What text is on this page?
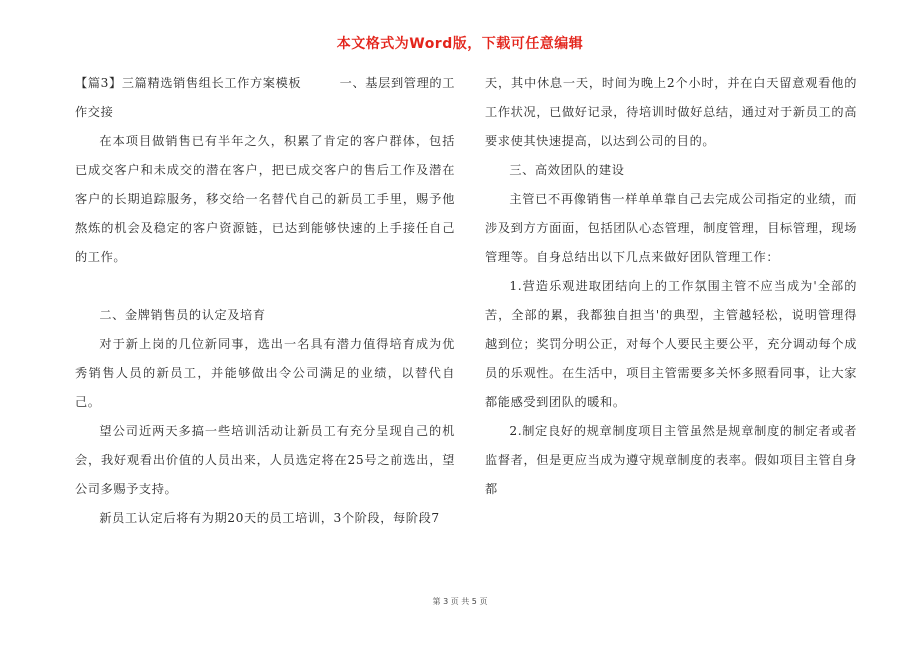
本文格式为Word版，下载可任意编辑

【篇3】三篇精选销售组长工作方案模板　　　一、基层到管理的工作交接

在本项目做销售已有半年之久，积累了肯定的客户群体，包括已成交客户和未成交的潜在客户，把已成交客户的售后工作及潜在客户的长期追踪服务，移交给一名替代自己的新员工手里，赐予他熬炼的机会及稳定的客户资源链，已达到能够快速的上手接任自己的工作。

二、金牌销售员的认定及培育

对于新上岗的几位新同事，选出一名具有潜力值得培育成为优秀销售人员的新员工，并能够做出令公司满足的业绩，以替代自己。

望公司近两天多搞一些培训活动让新员工有充分呈现自己的机会，我好观看出价值的人员出来，人员选定将在25号之前选出，望公司多赐予支持。

新员工认定后将有为期20天的员工培训，3个阶段，每阶段7

天，其中休息一天，时间为晚上2个小时，并在白天留意观看他的工作状况，已做好记录，待培训时做好总结，通过对于新员工的高要求使其快速提高，以达到公司的目的。

三、高效团队的建设

主管已不再像销售一样单单靠自己去完成公司指定的业绩，而涉及到方方面面，包括团队心态管理，制度管理，目标管理，现场管理等。自身总结出以下几点来做好团队管理工作：

1.营造乐观进取团结向上的工作氛围主管不应当成为'全部的苦，全部的累，我都独自担当'的典型，主管越轻松，说明管理得越到位；奖罚分明公正，对每个人要民主要公平，充分调动每个成员的乐观性。在生活中，项目主管需要多关怀多照看同事，让大家都能感受到团队的暖和。

2.制定良好的规章制度项目主管虽然是规章制度的制定者或者监督者，但是更应当成为遵守规章制度的表率。假如项目主管自身都

第 3 页 共 5 页
